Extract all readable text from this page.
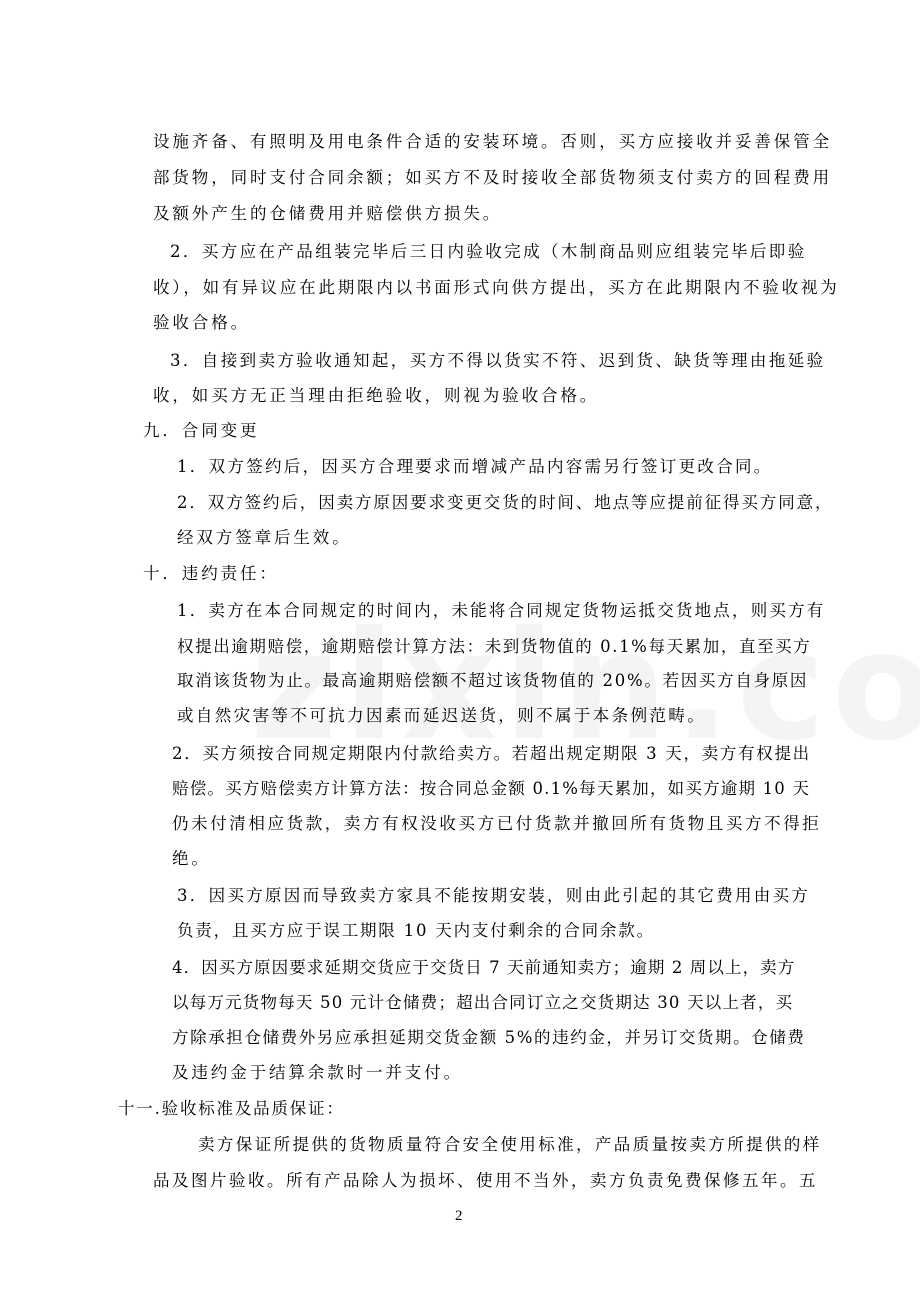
设施齐备、有照明及用电条件合适的安装环境。否则，买方应接收并妥善保管全
部货物，同时支付合同余额；如买方不及时接收全部货物须支付卖方的回程费用
及额外产生的仓储费用并赔偿供方损失。
2．买方应在产品组装完毕后三日内验收完成（木制商品则应组装完毕后即验
收），如有异议应在此期限内以书面形式向供方提出，买方在此期限内不验收视为
验收合格。
3．自接到卖方验收通知起，买方不得以货实不符、迟到货、缺货等理由拖延验
收，如买方无正当理由拒绝验收，则视为验收合格。
九．合同变更
1．双方签约后，因买方合理要求而增减产品内容需另行签订更改合同。
2．双方签约后，因卖方原因要求变更交货的时间、地点等应提前征得买方同意，
经双方签章后生效。
十．违约责任：
1．卖方在本合同规定的时间内，未能将合同规定货物运抵交货地点，则买方有
权提出逾期赔偿，逾期赔偿计算方法：未到货物值的 0.1%每天累加，直至买方
取消该货物为止。最高逾期赔偿额不超过该货物值的 20%。若因买方自身原因
或自然灾害等不可抗力因素而延迟送货，则不属于本条例范畴。
2．买方须按合同规定期限内付款给卖方。若超出规定期限 3 天，卖方有权提出
赔偿。买方赔偿卖方计算方法：按合同总金额 0.1%每天累加，如买方逾期 10 天
仍未付清相应货款，卖方有权没收买方已付货款并撤回所有货物且买方不得拒
绝。
3．因买方原因而导致卖方家具不能按期安装，则由此引起的其它费用由买方
负责，且买方应于误工期限 10 天内支付剩余的合同余款。
4．因买方原因要求延期交货应于交货日 7 天前通知卖方；逾期 2 周以上，卖方
以每万元货物每天 50 元计仓储费；超出合同订立之交货期达 30 天以上者，买
方除承担仓储费外另应承担延期交货金额 5%的违约金，并另订交货期。仓储费
及违约金于结算余款时一并支付。
十一.验收标准及品质保证：
卖方保证所提供的货物质量符合安全使用标准，产品质量按卖方所提供的样
品及图片验收。所有产品除人为损坏、使用不当外，卖方负责免费保修五年。五
2
